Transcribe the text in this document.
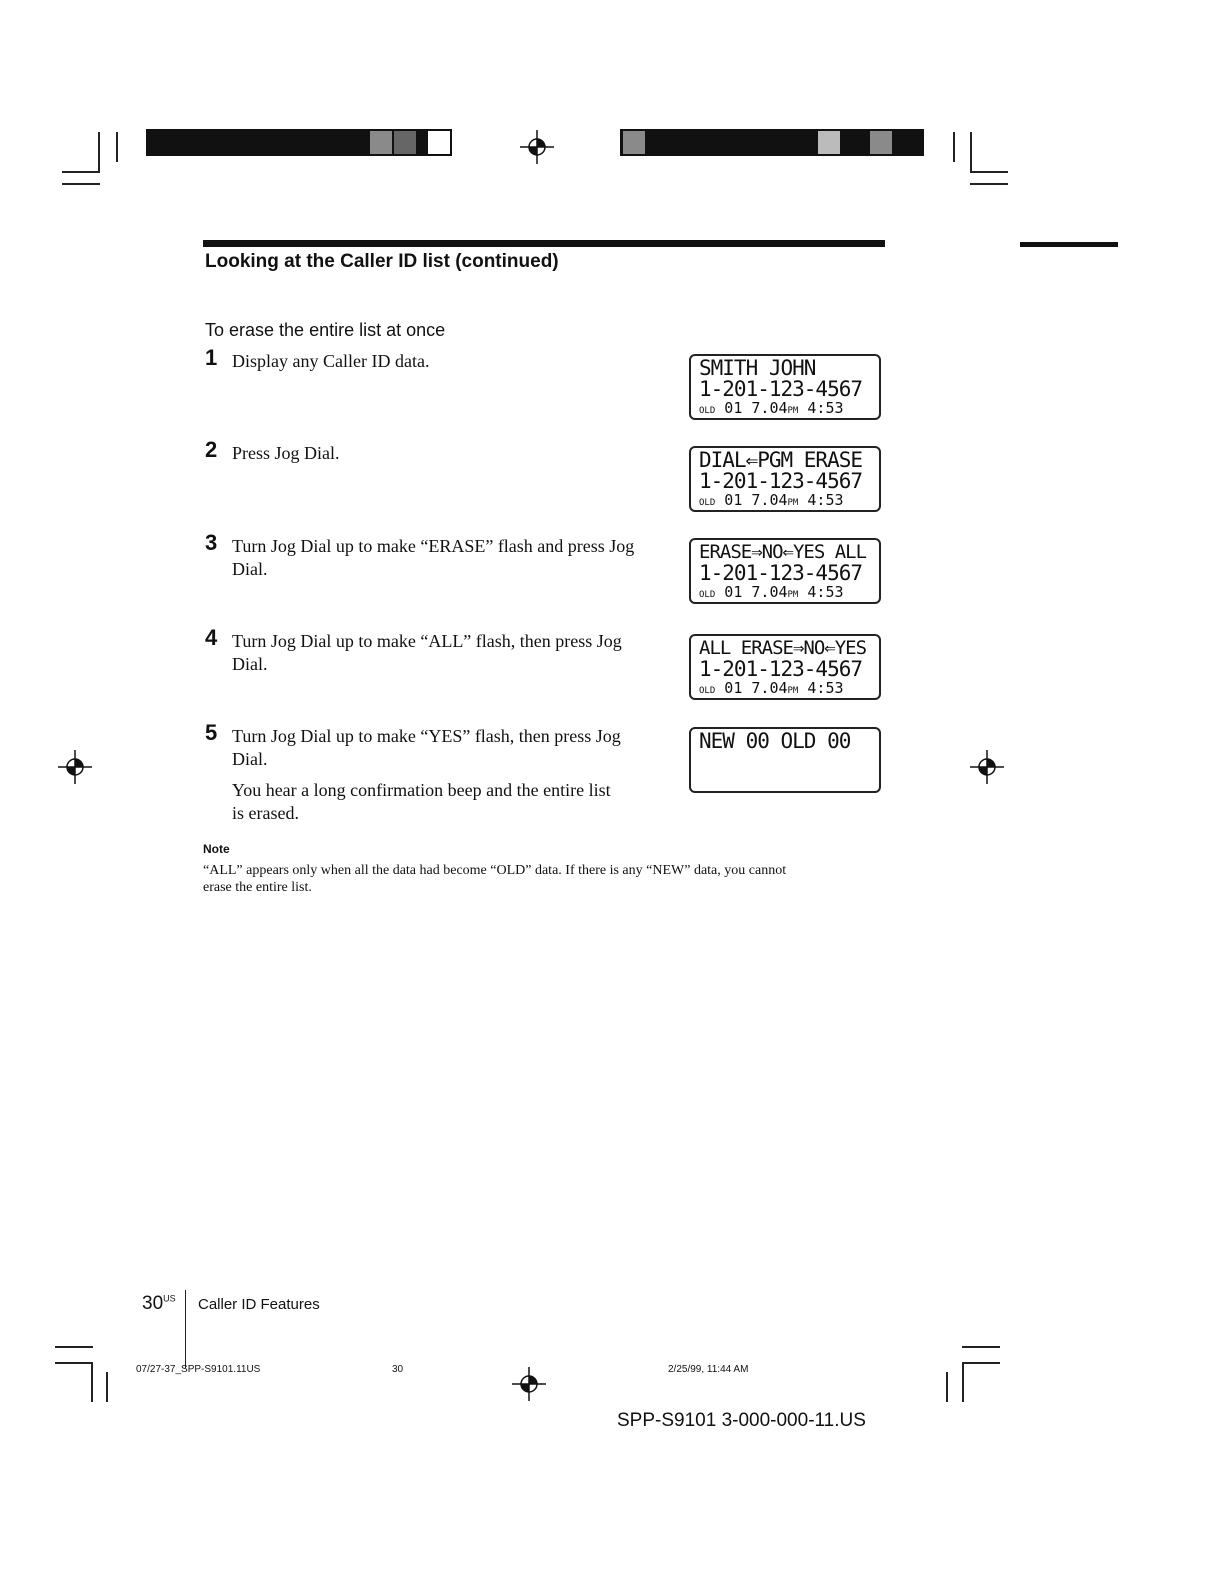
Looking at the Caller ID list (continued)
To erase the entire list at once
1 Display any Caller ID data.
2 Press Jog Dial.
3 Turn Jog Dial up to make “ERASE” flash and press Jog Dial.
4 Turn Jog Dial up to make “ALL” flash, then press Jog Dial.
5 Turn Jog Dial up to make “YES” flash, then press Jog Dial.
You hear a long confirmation beep and the entire list is erased.
SMITH JOHN
1-201-123-4567
OLD 01 7.04PM 4:53
DIAL⇐PGM ERASE
1-201-123-4567
OLD 01 7.04PM 4:53
ERASE⇒NO⇐YES ALL
1-201-123-4567
OLD 01 7.04PM 4:53
ALL ERASE⇒NO⇐YES
1-201-123-4567
OLD 01 7.04PM 4:53
NEW 00 OLD 00
Note
“ALL” appears only when all the data had become “OLD” data. If there is any “NEW” data, you cannot erase the entire list.
$30^{US}$ Caller ID Features
07/27-37_SPP-S9101.11US	30	2/25/99, 11:44 AM
SPP-S9101 3-000-000-11.US
